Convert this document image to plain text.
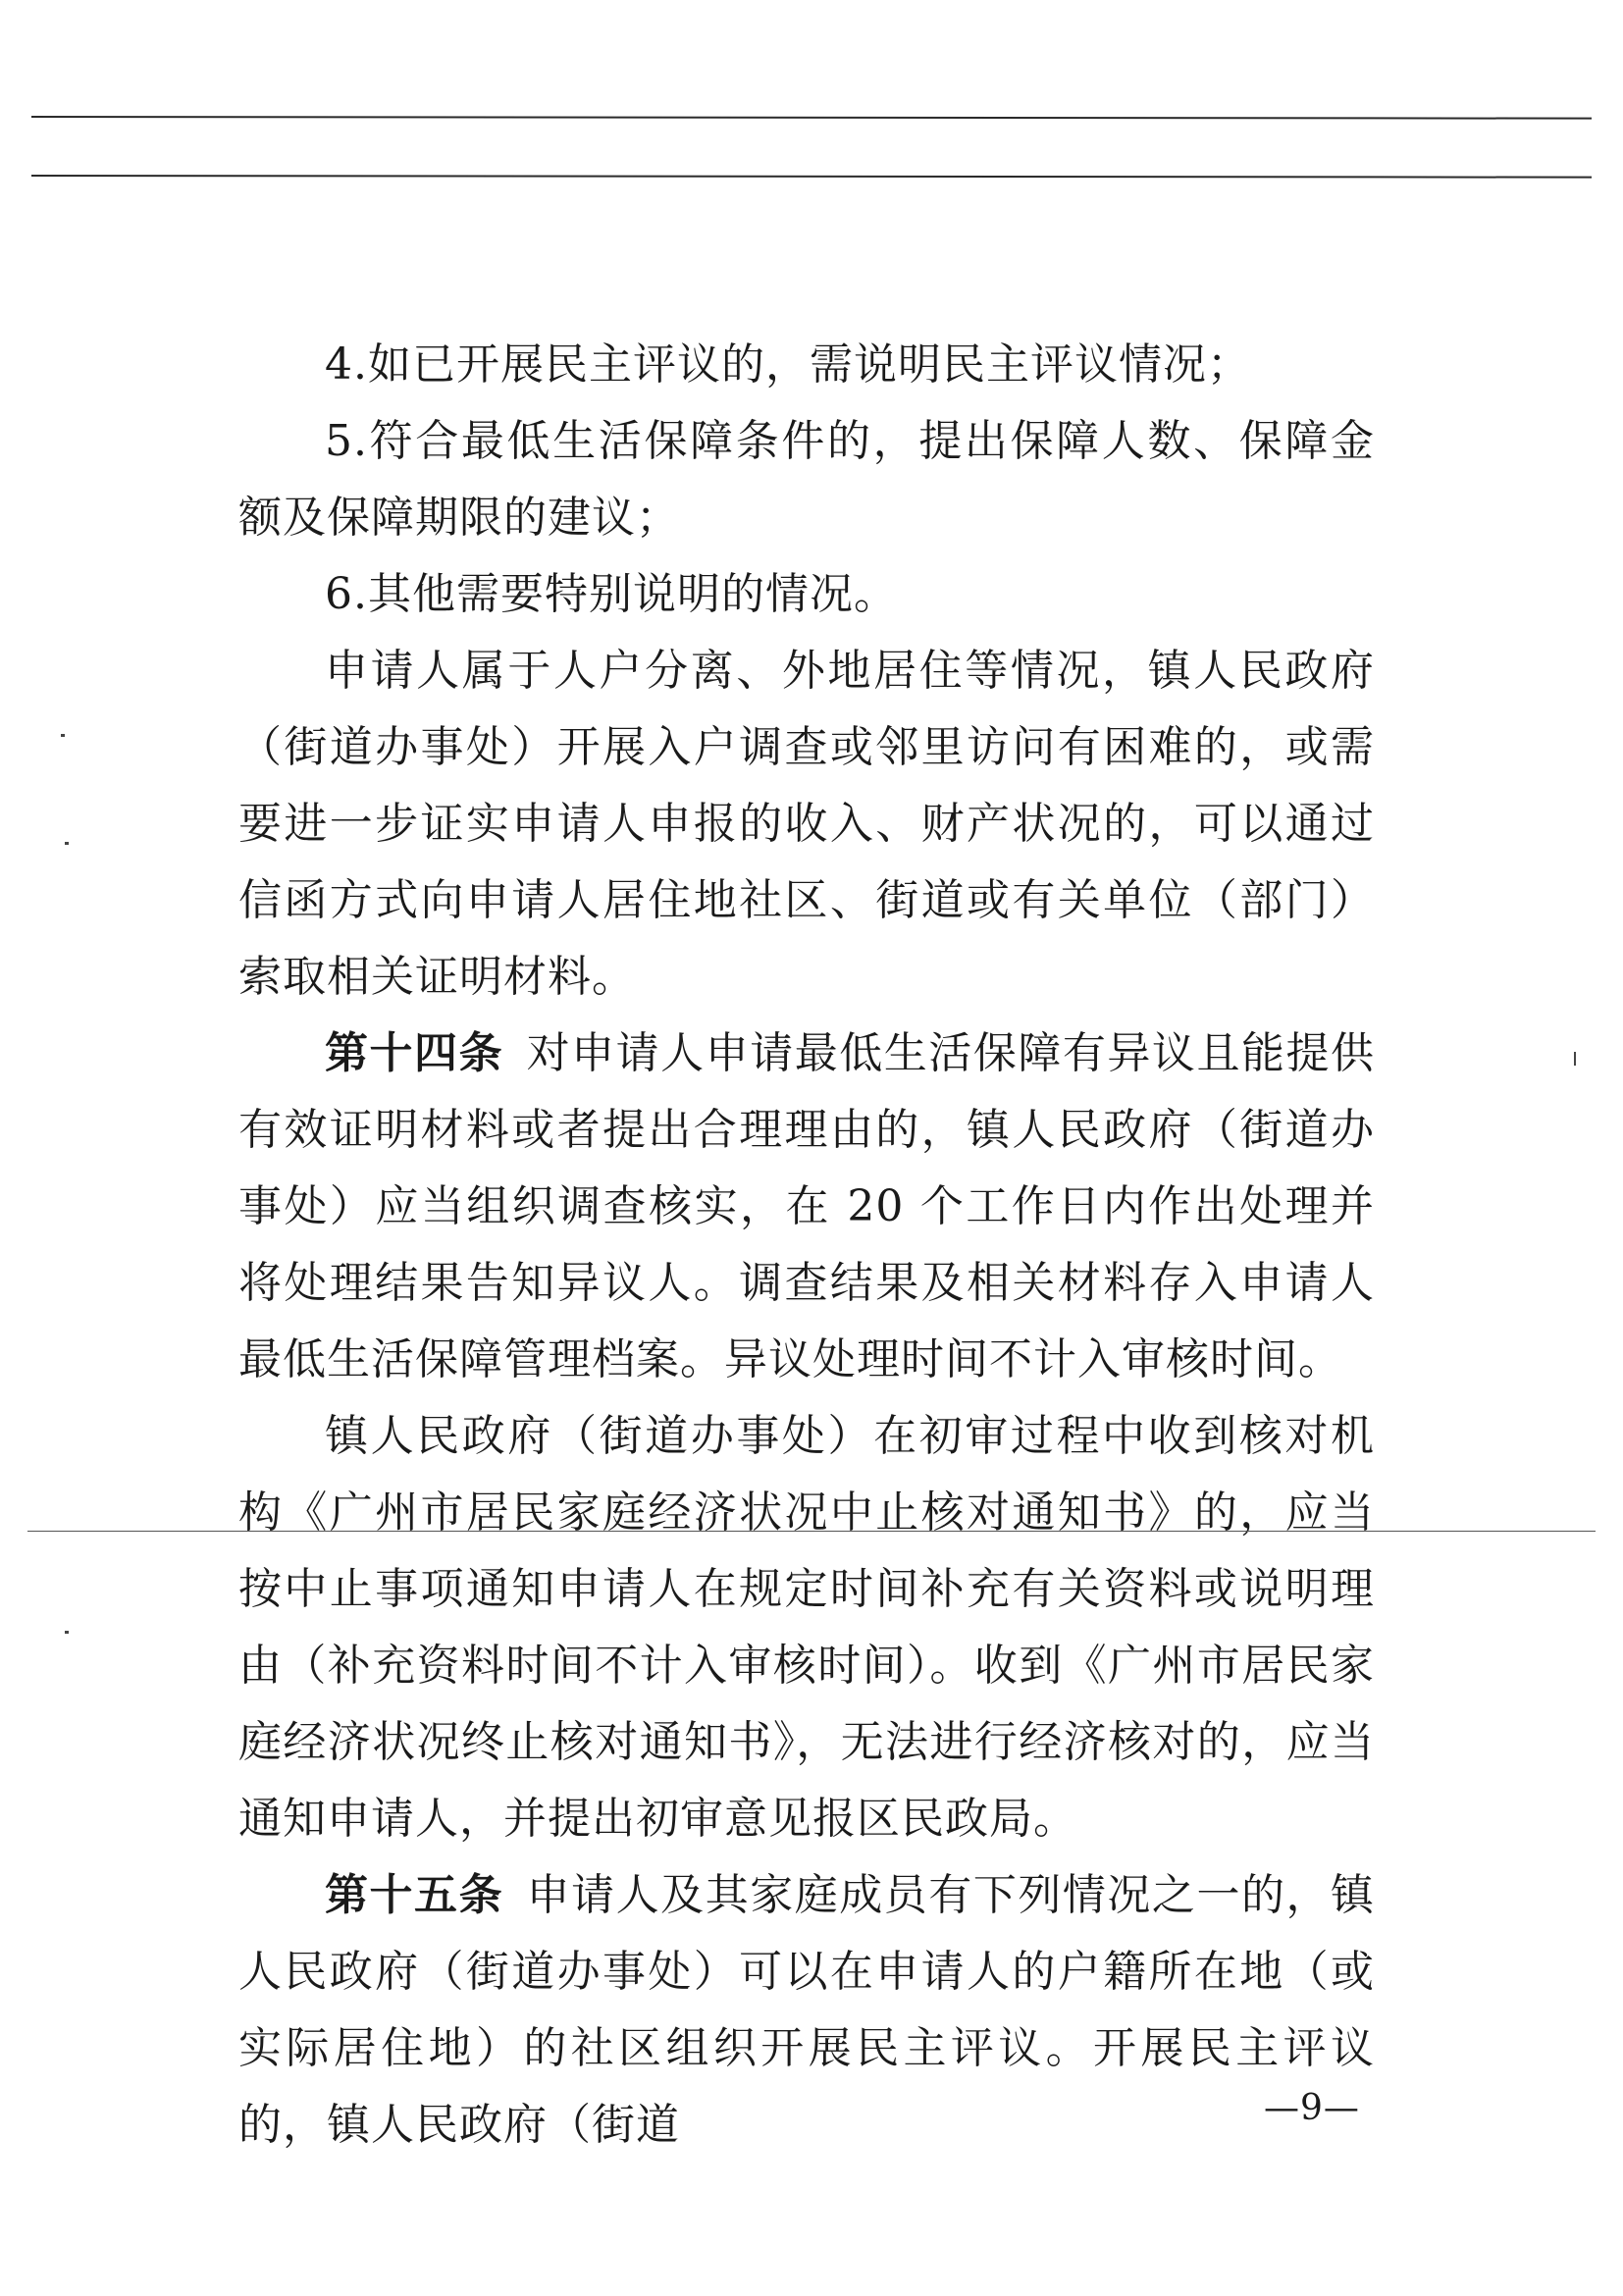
4.如已开展民主评议的，需说明民主评议情况；

5.符合最低生活保障条件的，提出保障人数、保障金额及保障期限的建议；

6.其他需要特别说明的情况。

申请人属于人户分离、外地居住等情况，镇人民政府（街道办事处）开展入户调查或邻里访问有困难的，或需要进一步证实申请人申报的收入、财产状况的，可以通过信函方式向申请人居住地社区、街道或有关单位（部门）索取相关证明材料。

第十四条 对申请人申请最低生活保障有异议且能提供有效证明材料或者提出合理理由的，镇人民政府（街道办事处）应当组织调查核实，在 20 个工作日内作出处理并将处理结果告知异议人。调查结果及相关材料存入申请人最低生活保障管理档案。异议处理时间不计入审核时间。

镇人民政府（街道办事处）在初审过程中收到核对机构《广州市居民家庭经济状况中止核对通知书》的，应当按中止事项通知申请人在规定时间补充有关资料或说明理由（补充资料时间不计入审核时间）。收到《广州市居民家庭经济状况终止核对通知书》，无法进行经济核对的，应当通知申请人，并提出初审意见报区民政局。

第十五条 申请人及其家庭成员有下列情况之一的，镇人民政府（街道办事处）可以在申请人的户籍所在地（或实际居住地）的社区组织开展民主评议。开展民主评议的，镇人民政府（街道	—9—
